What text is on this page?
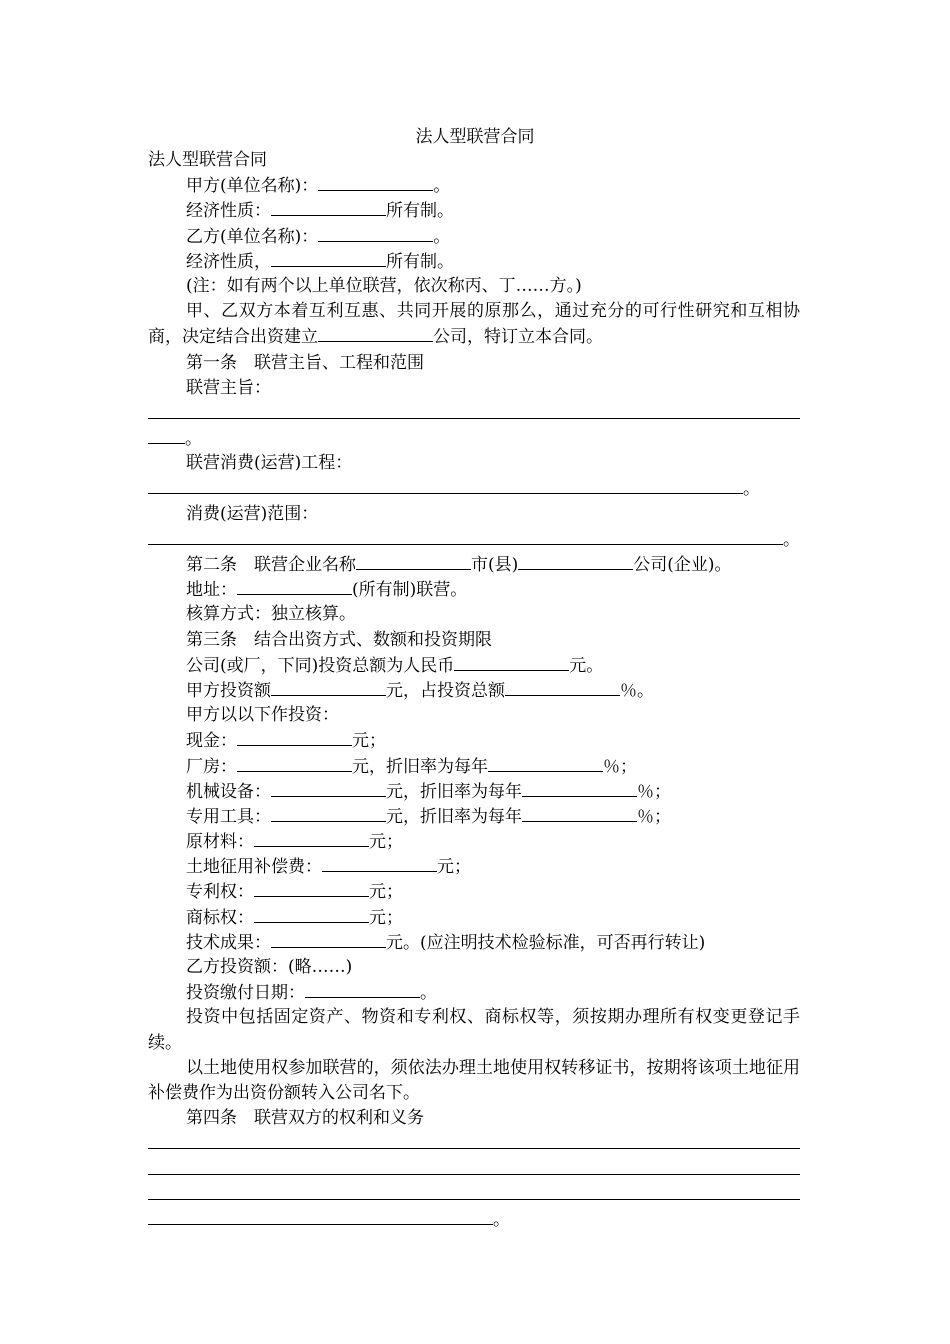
法人型联营合同
法人型联营合同
甲方(单位名称)：	。
经济性质：	所有制。
乙方(单位名称)：	。
经济性质，	所有制。
(注：如有两个以上单位联营，依次称丙、丁……方。)
甲、乙双方本着互利互惠、共同开展的原那么，通过充分的可行性研究和互相协商，决定结合出资建立	公司，特订立本合同。
第一条　联营主旨、工程和范围
联营主旨：
。
联营消费(运营)工程：
。
消费(运营)范围：
。
第二条　联营企业名称	市(县)	公司(企业)。
地址：	(所有制)联营。
核算方式：独立核算。
第三条　结合出资方式、数额和投资期限
公司(或厂，下同)投资总额为人民币	元。
甲方投资额	元，占投资总额	％。
甲方以以下作投资：
现金：	元；
厂房：	元，折旧率为每年	％；
机械设备：	元，折旧率为每年	％；
专用工具：	元，折旧率为每年	％；
原材料：	元；
土地征用补偿费：	元；
专利权：	元；
商标权：	元；
技术成果：	元。(应注明技术检验标准，可否再行转让)
乙方投资额：(略……)
投资缴付日期：	。
投资中包括固定资产、物资和专利权、商标权等，须按期办理所有权变更登记手续。
以土地使用权参加联营的，须依法办理土地使用权转移证书，按期将该项土地征用补偿费作为出资份额转入公司名下。
第四条　联营双方的权利和义务
。
